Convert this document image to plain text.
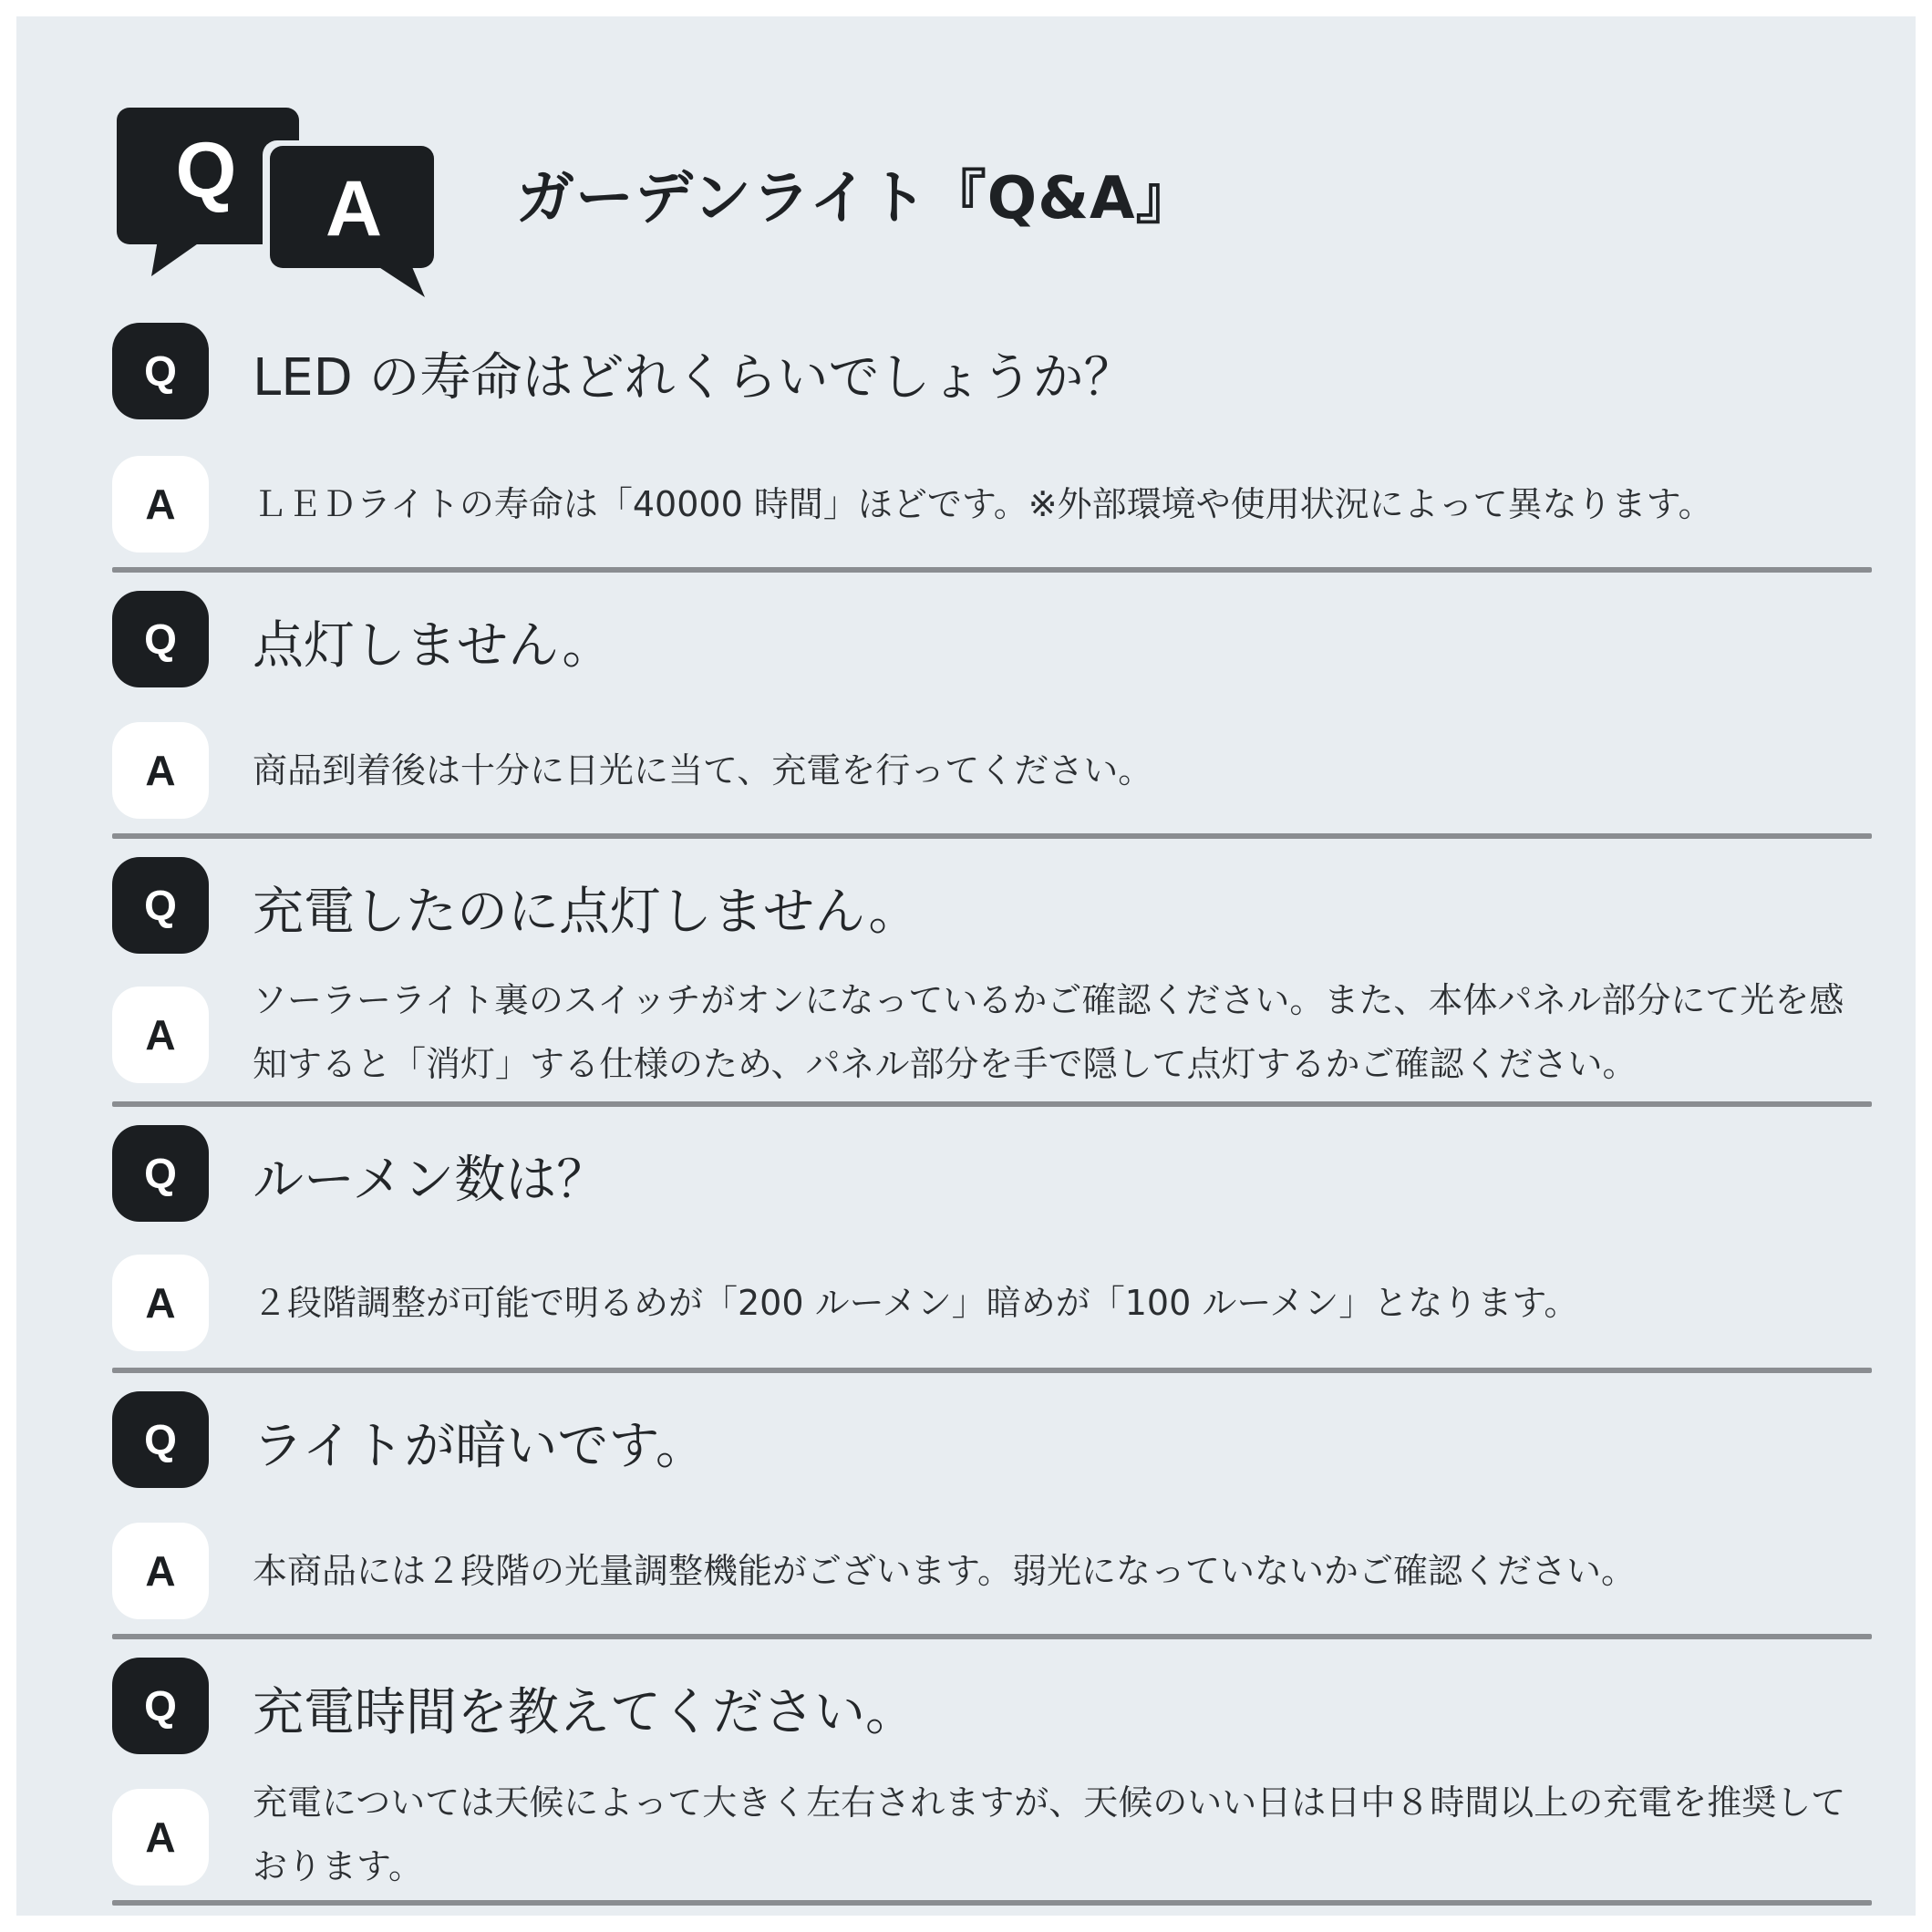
Q A ガーデンライト『Q&A』
Q	LED の寿命はどれくらいでしょうか？
A	ＬＥＤライトの寿命は「40000 時間」ほどです。※外部環境や使用状況によって異なります。
Q	点灯しません。
A	商品到着後は十分に日光に当て、充電を行ってください。
Q	充電したのに点灯しません。
A
ソーラーライト裏のスイッチがオンになっているかご確認ください。また、本体パネル部分にて光を感知すると「消灯」する仕様のため、パネル部分を手で隠して点灯するかご確認ください。
Q	ルーメン数は？
A	２段階調整が可能で明るめが「200 ルーメン」暗めが「100 ルーメン」となります。
Q	ライトが暗いです。
A	本商品には２段階の光量調整機能がございます。弱光になっていないかご確認ください。
Q	充電時間を教えてください。
A
充電については天候によって大きく左右されますが、天候のいい日は日中８時間以上の充電を推奨しております。
